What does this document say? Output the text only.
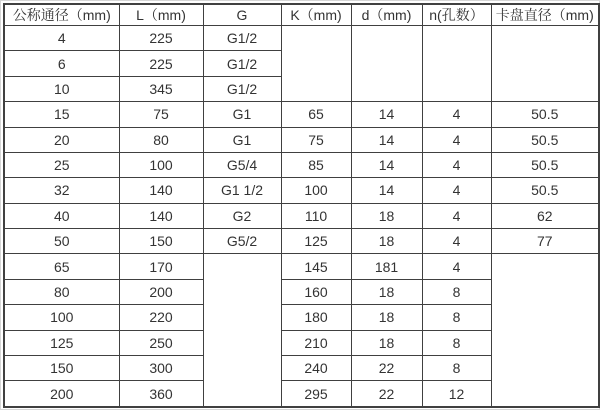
公称通径（mm)	L（mm)	G	K（mm)	d（mm)	n(孔数）	卡盘直径（mm)
4	225	G1/2				
6	225	G1/2				
10	345	G1/2				
15	75	G1	65	14	4	50.5
20	80	G1	75	14	4	50.5
25	100	G5/4	85	14	4	50.5
32	140	G1 1/2	100	14	4	50.5
40	140	G2	110	18	4	62
50	150	G5/2	125	18	4	77
65	170		145	181	4	
80	200		160	18	8	
100	220		180	18	8	
125	250		210	18	8	
150	300		240	22	8	
200	360		295	22	12	
